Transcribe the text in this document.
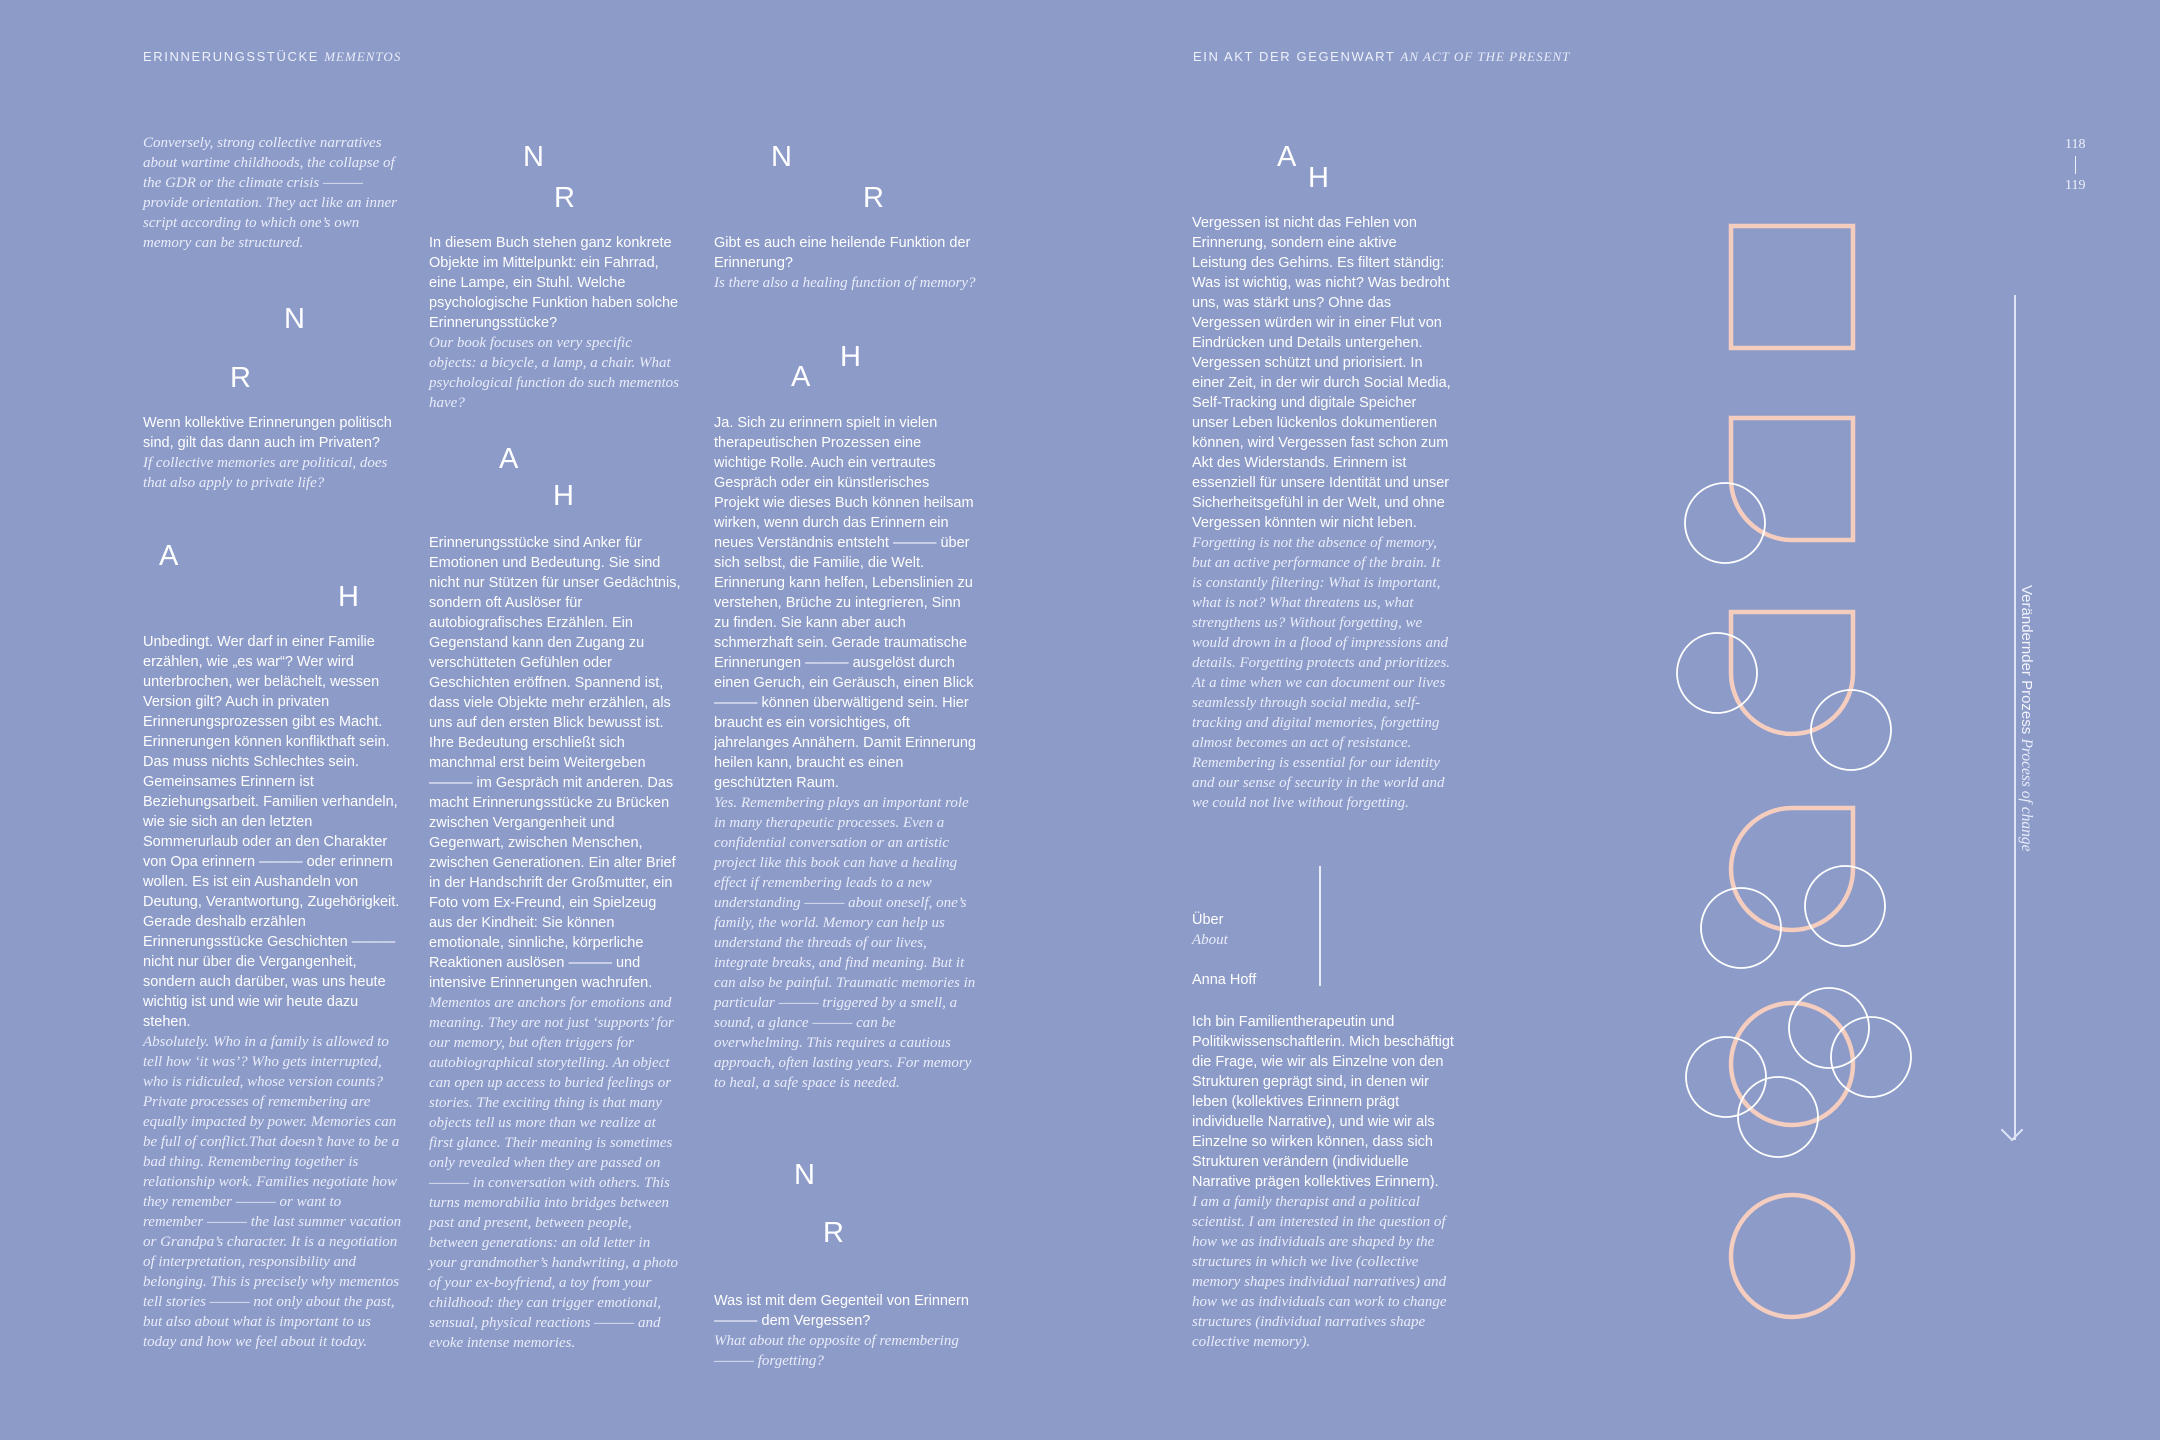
ERINNERUNGSSTÜCKE MEMENTOS	EIN AKT DER GEGENWART AN ACT OF THE PRESENT
118
119
N
R
A
H
N
R
A
H
N
R
A
H
N
R
A
H

Conversely, strong collective narratives about wartime childhoods, the collapse of the GDR or the climate crisis ——— provide orientation. They act like an inner script according to which one’s own memory can be structured.

Wenn kollektive Erinnerungen politisch sind, gilt das dann auch im Privaten?

If collective memories are political, does that also apply to private life?

Unbedingt. Wer darf in einer Familie erzählen, wie „es war“? Wer wird unterbrochen, wer belächelt, wessen Version gilt? Auch in privaten Erinnerungsprozessen gibt es Macht. Erinnerungen können konflikthaft sein. Das muss nichts Schlechtes sein. Gemeinsames Erinnern ist Beziehungsarbeit. Familien verhandeln, wie sie sich an den letzten Sommerurlaub oder an den Charakter von Opa erinnern ——— oder erinnern wollen. Es ist ein Aushandeln von Deutung, Verantwortung, Zugehörigkeit. Gerade deshalb erzählen Erinnerungsstücke Geschichten ——— nicht nur über die Vergangenheit, sondern auch darüber, was uns heute wichtig ist und wie wir heute dazu stehen.

Absolutely. Who in a family is allowed to tell how ‘it was’? Who gets interrupted, who is ridiculed, whose version counts? Private processes of remembering are equally impacted by power. Memories can be full of conflict.That doesn’t have to be a bad thing. Remembering together is relationship work. Families negotiate how they remember ——— or want to remember ——— the last summer vacation or Grandpa’s character. It is a negotiation of interpretation, responsibility and belonging. This is precisely why mementos tell stories ——— not only about the past, but also about what is important to us today and how we feel about it today.

In diesem Buch stehen ganz konkrete Objekte im Mittelpunkt: ein Fahrrad, eine Lampe, ein Stuhl. Welche psychologische Funktion haben solche Erinnerungsstücke?

Our book focuses on very specific objects: a bicycle, a lamp, a chair. What psychological function do such mementos have?

Erinnerungsstücke sind Anker für Emotionen und Bedeutung. Sie sind nicht nur Stützen für unser Gedächtnis, sondern oft Auslöser für autobiografisches Erzählen. Ein Gegenstand kann den Zugang zu verschütteten Gefühlen oder Geschichten eröffnen. Spannend ist, dass viele Objekte mehr erzählen, als uns auf den ersten Blick bewusst ist. Ihre Bedeutung erschließt sich manchmal erst beim Weitergeben ——— im Gespräch mit anderen. Das macht Erinnerungsstücke zu Brücken zwischen Vergangenheit und Gegenwart, zwischen Menschen, zwischen Generationen. Ein alter Brief in der Handschrift der Großmutter, ein Foto vom Ex-Freund, ein Spielzeug aus der Kindheit: Sie können emotionale, sinnliche, körperliche Reaktionen auslösen ——— und intensive Erinnerungen wachrufen.

Mementos are anchors for emotions and meaning. They are not just ‘supports’ for our memory, but often triggers for autobiographical storytelling. An object can open up access to buried feelings or stories. The exciting thing is that many objects tell us more than we realize at first glance. Their meaning is sometimes only revealed when they are passed on ——— in conversation with others. This turns memorabilia into bridges between past and present, between people, between generations: an old letter in your grandmother’s handwriting, a photo of your ex-boyfriend, a toy from your childhood: they can trigger emotional, sensual, physical reactions ——— and evoke intense memories.

Gibt es auch eine heilende Funktion der Erinnerung?

Is there also a healing function of memory?

Ja. Sich zu erinnern spielt in vielen therapeutischen Prozessen eine wichtige Rolle. Auch ein vertrautes Gespräch oder ein künstlerisches Projekt wie dieses Buch können heilsam wirken, wenn durch das Erinnern ein neues Verständnis entsteht ——— über sich selbst, die Familie, die Welt. Erinnerung kann helfen, Lebenslinien zu verstehen, Brüche zu integrieren, Sinn zu finden. Sie kann aber auch schmerzhaft sein. Gerade traumatische Erinnerungen ——— ausgelöst durch einen Geruch, ein Geräusch, einen Blick ——— können überwältigend sein. Hier braucht es ein vorsichtiges, oft jahrelanges Annähern. Damit Erinnerung heilen kann, braucht es einen geschützten Raum.

Yes. Remembering plays an important role in many therapeutic processes. Even a confidential conversation or an artistic project like this book can have a healing effect if remembering leads to a new understanding ——— about oneself, one’s family, the world. Memory can help us understand the threads of our lives, integrate breaks, and find meaning. But it can also be painful. Traumatic memories in particular ——— triggered by a smell, a sound, a glance ——— can be overwhelming. This requires a cautious approach, often lasting years. For memory to heal, a safe space is needed.

Was ist mit dem Gegenteil von Erinnern ——— dem Vergessen?

What about the opposite of remembering ——— forgetting?

Vergessen ist nicht das Fehlen von Erinnerung, sondern eine aktive Leistung des Gehirns. Es filtert ständig: Was ist wichtig, was nicht? Was bedroht uns, was stärkt uns? Ohne das Vergessen würden wir in einer Flut von Eindrücken und Details untergehen. Vergessen schützt und priorisiert. In einer Zeit, in der wir durch Social Media, Self-Tracking und digitale Speicher unser Leben lückenlos dokumentieren können, wird Vergessen fast schon zum Akt des Widerstands. Erinnern ist essenziell für unsere Identität und unser Sicherheitsgefühl in der Welt, und ohne Vergessen könnten wir nicht leben.

Forgetting is not the absence of memory, but an active performance of the brain. It is constantly filtering: What is important, what is not? What threatens us, what strengthens us? Without forgetting, we would drown in a flood of impressions and details. Forgetting protects and prioritizes. At a time when we can document our lives seamlessly through social media, self-tracking and digital memories, forgetting almost becomes an act of resistance. Remembering is essential for our identity and our sense of security in the world and we could not live without forgetting.

Über

About

Anna Hoff

Ich bin Familientherapeutin und Politikwissenschaftlerin. Mich beschäftigt die Frage, wie wir als Einzelne von den Strukturen geprägt sind, in denen wir leben (kollektives Erinnern prägt individuelle Narrative), und wie wir als Einzelne so wirken können, dass sich Strukturen verändern (individuelle Narrative prägen kollektives Erinnern).

I am a family therapist and a political scientist. I am interested in the question of how we as individuals are shaped by the structures in which we live (collective memory shapes individual narratives) and how we as individuals can work to change structures (individual narratives shape collective memory).

Verändernder Prozess Process of change
